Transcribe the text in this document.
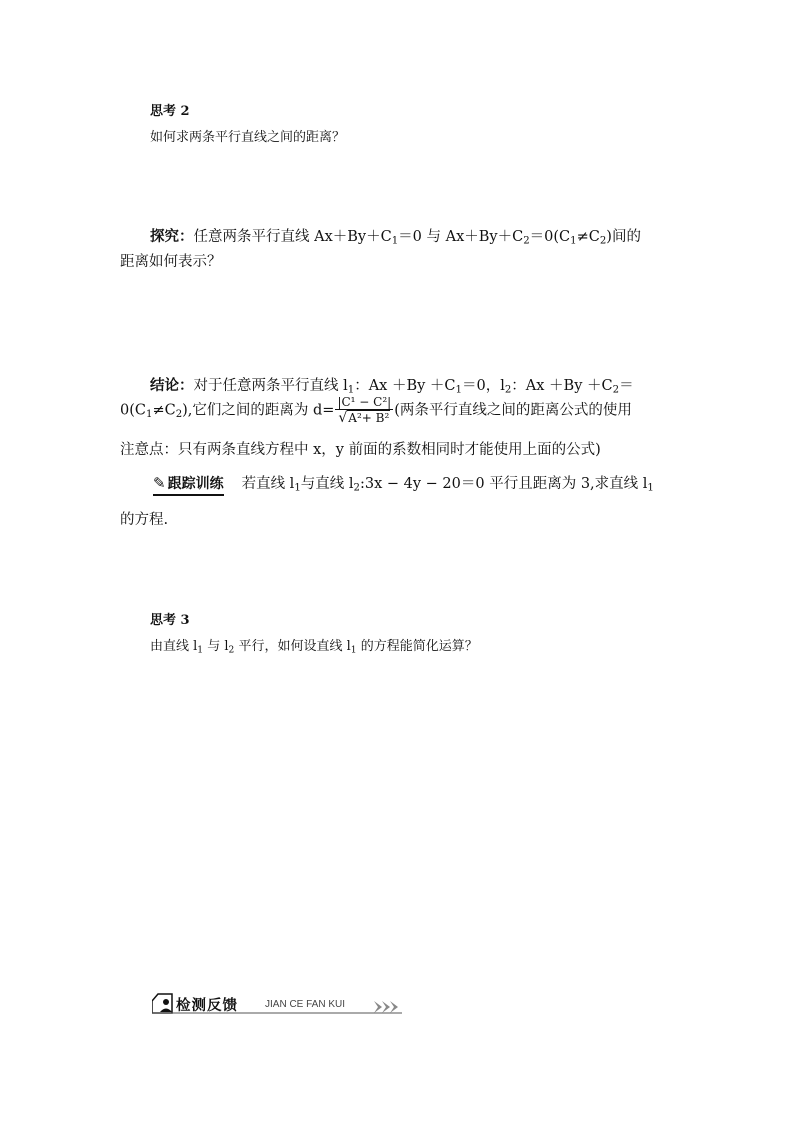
思考 2
如何求两条平行直线之间的距离？
探究：任意两条平行直线 $Ax+By+C_1=0$ 与 $Ax+By+C_2=0(C_1\ne C_2)$间的
距离如何表示？
结论：对于任意两条平行直线 $l_1$：$Ax +By +C_1=0$，$l_2$：$Ax +By +C_2=$
$0(C_1\ne C_2)$,它们之间的距离为 $d= \frac{\text{|C¹ − C²|}}{\text{√A²+ B²}}$ (两条平行直线之间的距离公式的使用
注意点：只有两条直线方程中 x，y 前面的系数相同时才能使用上面的公式)
✎ 跟踪训练 若直线 $l_1$与直线 $l_2:3x - 4y - 20=0$ 平行且距离为 3,求直线 $l_1$
的方程.
思考 3
由直线 $l_1$ 与 $l_2$ 平行，如何设直线 $l_1$ 的方程能简化运算？
检测反馈	JIAN CE FAN KUI
